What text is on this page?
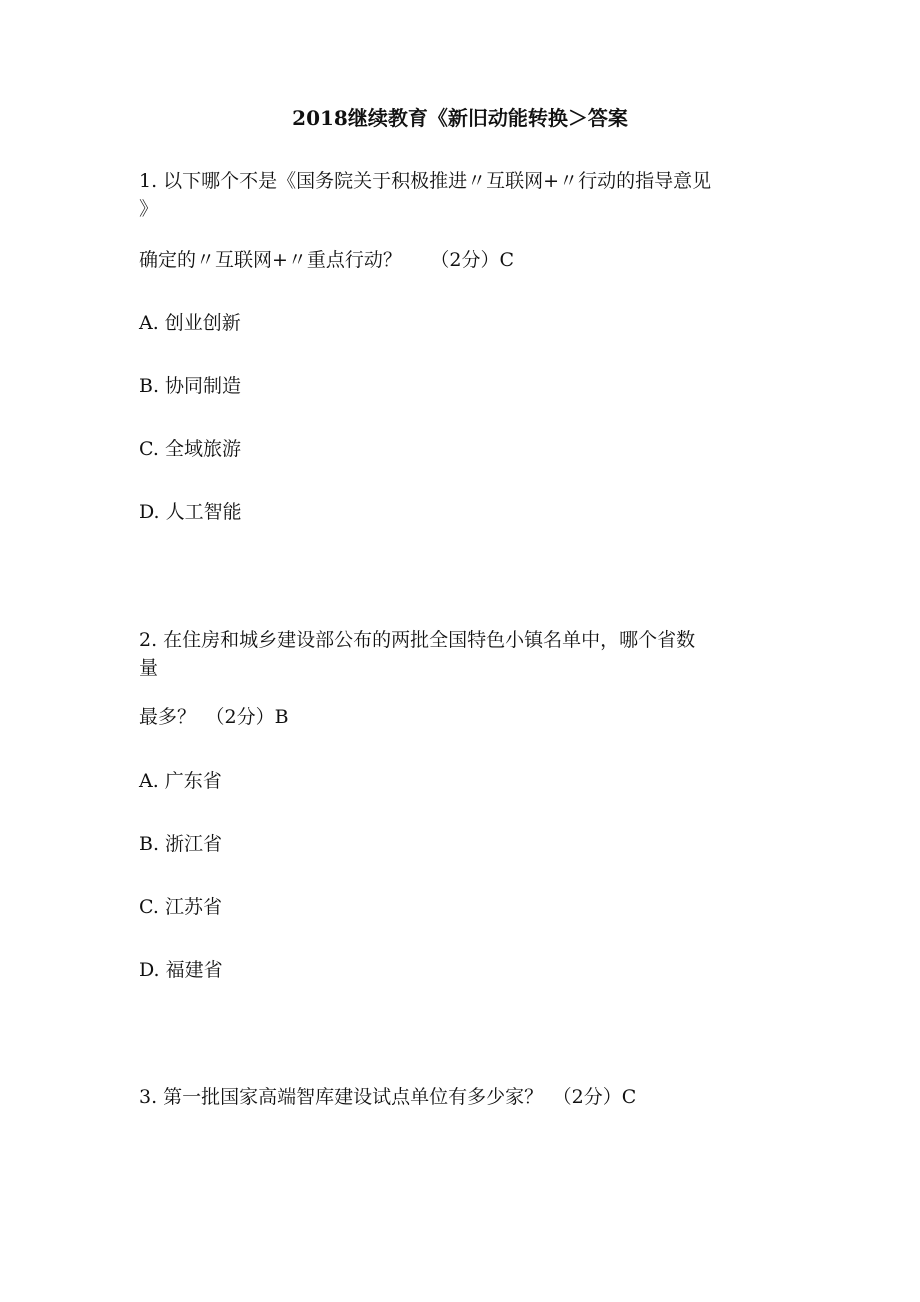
2018继续教育《新旧动能转换＞答案
1. 以下哪个不是《国务院关于积极推进〃互联网+〃行动的指导意见
》
确定的〃互联网+〃重点行动？　　（2分）C
A. 创业创新
B. 协同制造
C. 全域旅游
D. 人工智能
2. 在住房和城乡建设部公布的两批全国特色小镇名单中，哪个省数
量
最多？　（2分）B
A. 广东省
B. 浙江省
C. 江苏省
D. 福建省
3. 第一批国家高端智库建设试点单位有多少家？　（2分）C
